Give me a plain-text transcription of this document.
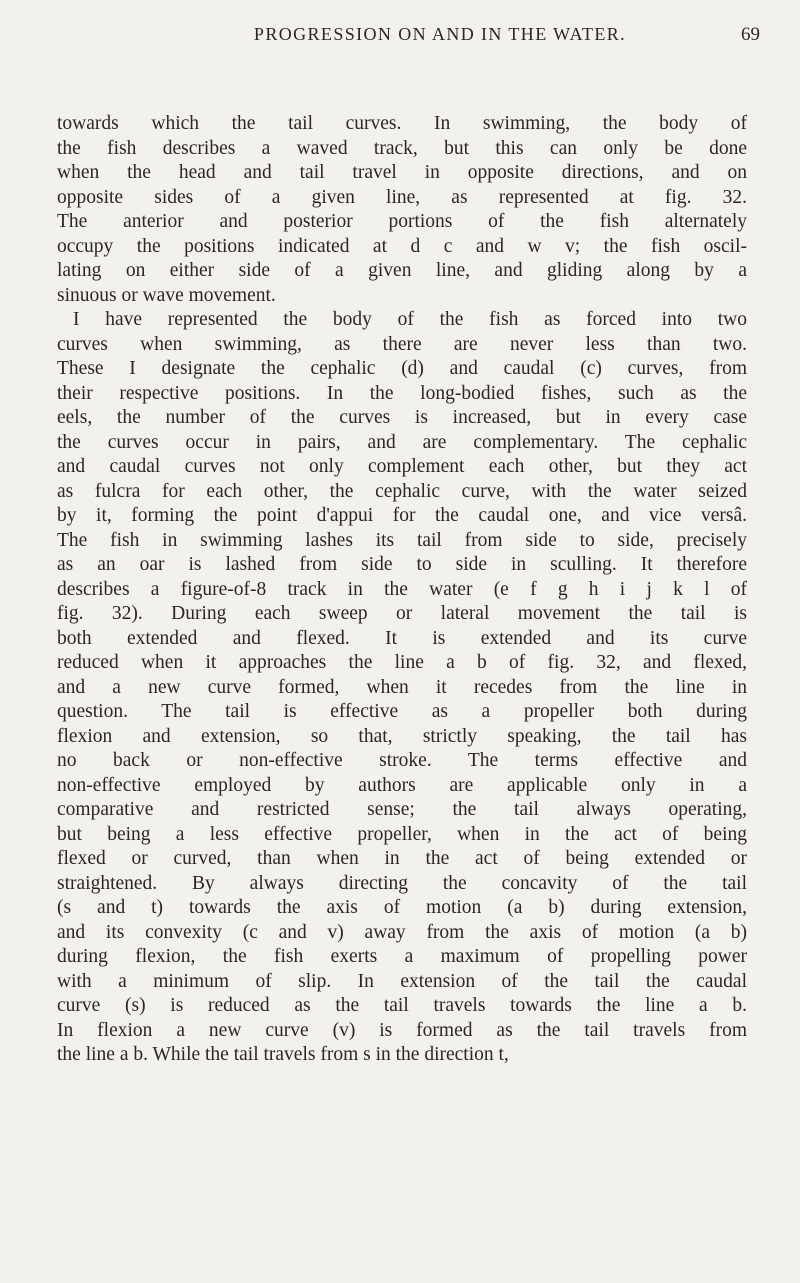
PROGRESSION ON AND IN THE WATER.	69
towards which the tail curves. In swimming, the body of
the fish describes a waved track, but this can only be done
when the head and tail travel in opposite directions, and on
opposite sides of a given line, as represented at fig. 32.
The anterior and posterior portions of the fish alternately
occupy the positions indicated at d c and w v; the fish oscil-
lating on either side of a given line, and gliding along by a
sinuous or wave movement.
I have represented the body of the fish as forced into two
curves when swimming, as there are never less than two.
These I designate the cephalic (d) and caudal (c) curves, from
their respective positions. In the long-bodied fishes, such as the
eels, the number of the curves is increased, but in every case
the curves occur in pairs, and are complementary. The cephalic
and caudal curves not only complement each other, but they act
as fulcra for each other, the cephalic curve, with the water seized
by it, forming the point d'appui for the caudal one, and vice versâ.
The fish in swimming lashes its tail from side to side, precisely
as an oar is lashed from side to side in sculling. It therefore
describes a figure-of-8 track in the water (e f g h i j k l of
fig. 32). During each sweep or lateral movement the tail is
both extended and flexed. It is extended and its curve
reduced when it approaches the line a b of fig. 32, and flexed,
and a new curve formed, when it recedes from the line in
question. The tail is effective as a propeller both during
flexion and extension, so that, strictly speaking, the tail has
no back or non-effective stroke. The terms effective and
non-effective employed by authors are applicable only in a
comparative and restricted sense; the tail always operating,
but being a less effective propeller, when in the act of being
flexed or curved, than when in the act of being extended or
straightened. By always directing the concavity of the tail
(s and t) towards the axis of motion (a b) during extension,
and its convexity (c and v) away from the axis of motion (a b)
during flexion, the fish exerts a maximum of propelling power
with a minimum of slip. In extension of the tail the caudal
curve (s) is reduced as the tail travels towards the line a b.
In flexion a new curve (v) is formed as the tail travels from
the line a b. While the tail travels from s in the direction t,
